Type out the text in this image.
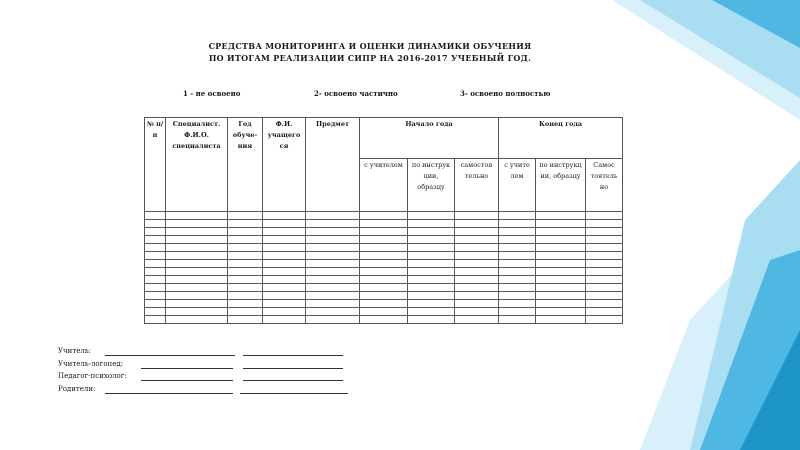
СРЕДСТВА МОНИТОРИНГА И ОЦЕНКИ ДИНАМИКИ ОБУЧЕНИЯ
ПО ИТОГАМ РЕАЛИЗАЦИИ СИПР НА 2016-2017 УЧЕБНЫЙ ГОД.
1 - не освоено	2- освоено частично	3- освоено полностью
№ п/п	Специалист. Ф.И.О. специалиста	Год обуче-ния	Ф.И. учащего ся	Предмет	Начало года			Конец года		
					с учителем	по инструк ции, образцу	самостоя тельно	с учите лем	по инструкц ии, образцу	Самос тоятель но

Учитель:
Учитель-логопед:
Педагог-психолог:
Родители:
